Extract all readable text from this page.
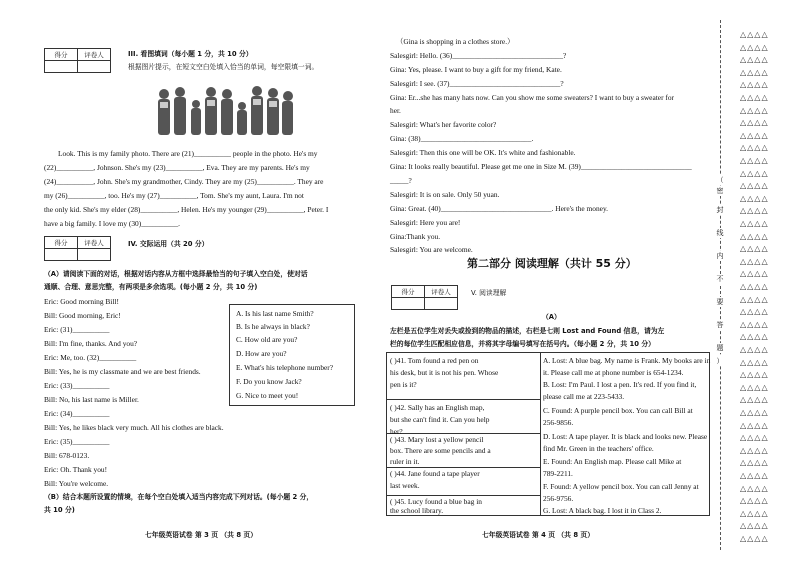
得分	评卷人
		III. 看图填词（每小题 1 分，共 10 分）
根据图片提示，在短文空白处填入恰当的单词，每空限填一词。
Look. This is my family photo. There are (21)__________ people in the photo. He's my
(22)__________, Johnson. She's my (23)__________, Eva. They are my parents. He's my
(24)__________, John. She's my grandmother, Cindy. They are my (25)__________. They are
my (26)__________, too. He's my (27)__________, Tom. She's my aunt, Laura. I'm not
the only kid. She's my elder (28)__________, Helen. He's my younger (29)__________, Peter. I
have a big family. I love my (30)__________.
得分	评卷人
		IV. 交际运用（共 20 分）
（A）请阅读下面的对话，根据对话内容从方框中选择最恰当的句子填入空白处，使对话
通顺、合理、意思完整，有两项是多余选项。(每小题 2 分，共 10 分)
Eric: Good morning Bill!
Bill: Good morning, Eric!
Eric: (31)__________
Bill: I'm fine, thanks. And you?
Eric: Me, too. (32)__________
Bill: Yes, he is my classmate and we are best friends.
Eric: (33)__________
Bill: No, his last name is Miller.
Eric: (34)__________
Bill: Yes, he likes black very much. All his clothes are black.
Eric: (35)__________
Bill: 678-0123.
Eric: Oh. Thank you!
Bill: You're welcome.
A. Is his last name Smith?
B. Is he always in black?
C. How old are you?
D. How are you?
E. What's his telephone number?
F. Do you know Jack?
G. Nice to meet you!
（B）结合本题所设置的情境，在每个空白处填入适当内容完成下列对话。(每小题 2 分，
共 10 分)
七年级英语试卷 第 3 页 （共 8 页）
（Gina is shopping in a clothes store.）
Salesgirl: Hello. (36)______________________________?
Gina: Yes, please. I want to buy a gift for my friend, Kate.
Salesgirl: I see. (37)______________________________?
Gina: Er...she has many hats now. Can you show me some sweaters? I want to buy a sweater for
her.
Salesgirl: What's her favorite color?
Gina: (38)______________________________.
Salesgirl: Then this one will be OK. It's white and fashionable.
Gina: It looks really beautiful. Please get me one in Size M. (39)______________________________
_____?
Salesgirl: It is on sale. Only 50 yuan.
Gina: Great. (40)______________________________. Here's the money.
Salesgirl: Here you are!
Gina:Thank you.
Salesgirl: You are welcome.
第二部分 阅读理解（共计 55 分）
得分	评卷人
		V. 阅读理解
（A）
左栏是五位学生对丢失或捡到的物品的描述，右栏是七则 Lost and Found 信息，请为左
栏的每位学生匹配相应信息，并将其字母编号填写在括号内。（每小题 2 分，共 10 分）
( )41. Tom found a red pen on
his desk, but it is not his pen. Whose
pen is it?
( )42. Sally has an English map,
but she can't find it. Can you help
her?
( )43. Mary lost a yellow pencil
box. There are some pencils and a
ruler in it.
( )44. Jane found a tape player
last week.
( )45. Lucy found a blue bag in
the school library.
A. Lost: A blue bag. My name is Frank. My books are in
it. Please call me at phone number is 654-1234.
B. Lost: I'm Paul. I lost a pen. It's red. If you find it,
please call me at 223-5433.
C. Found: A purple pencil box. You can call Bill at
256-9856.
D. Lost: A tape player. It is black and looks new. Please
find Mr. Green in the teachers' office.
E. Found: An English map. Please call Mike at
789-2211.
F. Found: A yellow pencil box. You can call Jenny at
256-9756.
G. Lost: A black bag. I lost it in Class 2.
七年级英语试卷 第 4 页 （共 8 页）
（
密
封
线
内
不
要
答
题
）
△△△△
△△△△
△△△△
△△△△
△△△△
△△△△
△△△△
△△△△
△△△△
△△△△
△△△△
△△△△
△△△△
△△△△
△△△△
△△△△
△△△△
△△△△
△△△△
△△△△
△△△△
△△△△
△△△△
△△△△
△△△△
△△△△
△△△△
△△△△
△△△△
△△△△
△△△△
△△△△
△△△△
△△△△
△△△△
△△△△
△△△△
△△△△
△△△△
△△△△
△△△△
